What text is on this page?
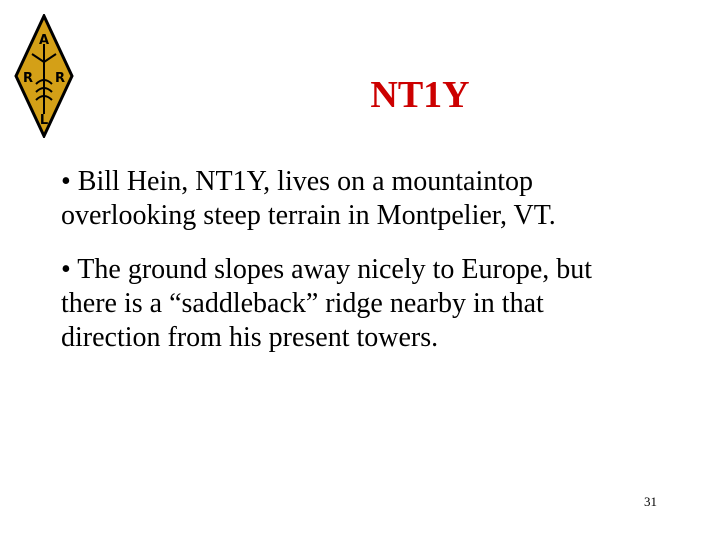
A
R R
L
NT1Y
• Bill Hein, NT1Y, lives on a mountaintop
overlooking steep terrain in Montpelier, VT.
• The ground slopes away nicely to Europe, but
there is a “saddleback” ridge nearby in that
direction from his present towers.
31
